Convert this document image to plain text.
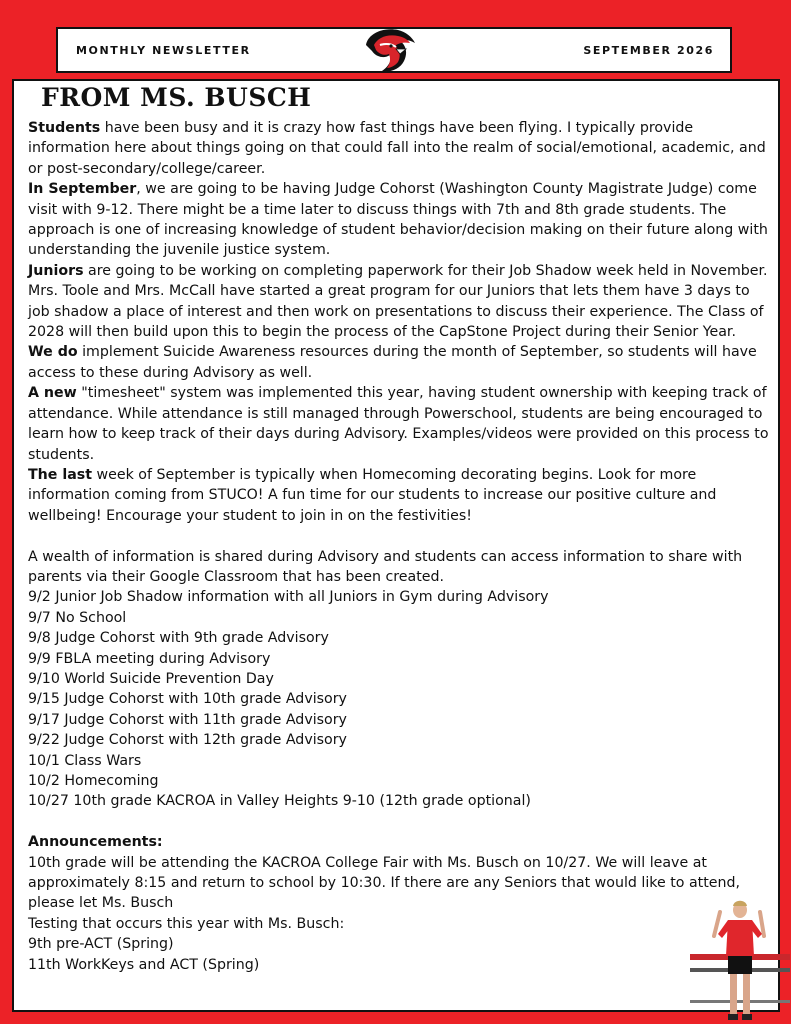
MONTHLY NEWSLETTER	SEPTEMBER 2026
FROM MS. BUSCH

Students have been busy and it is crazy how fast things have been flying. I typically provide information here about things going on that could fall into the realm of social/emotional, academic, and or post-secondary/college/career.

In September, we are going to be having Judge Cohorst (Washington County Magistrate Judge) come visit with 9-12. There might be a time later to discuss things with 7th and 8th grade students. The approach is one of increasing knowledge of student behavior/decision making on their future along with understanding the juvenile justice system.

Juniors are going to be working on completing paperwork for their Job Shadow week held in November. Mrs. Toole and Mrs. McCall have started a great program for our Juniors that lets them have 3 days to job shadow a place of interest and then work on presentations to discuss their experience. The Class of 2028 will then build upon this to begin the process of the CapStone Project during their Senior Year.

We do implement Suicide Awareness resources during the month of September, so students will have access to these during Advisory as well.

A new "timesheet" system was implemented this year, having student ownership with keeping track of attendance. While attendance is still managed through Powerschool, students are being encouraged to learn how to keep track of their days during Advisory. Examples/videos were provided on this process to students.

The last week of September is typically when Homecoming decorating begins. Look for more information coming from STUCO! A fun time for our students to increase our positive culture and wellbeing! Encourage your student to join in on the festivities!

A wealth of information is shared during Advisory and students can access information to share with parents via their Google Classroom that has been created.

9/2 Junior Job Shadow information with all Juniors in Gym during Advisory

9/7 No School

9/8 Judge Cohorst with 9th grade Advisory

9/9 FBLA meeting during Advisory

9/10 World Suicide Prevention Day

9/15 Judge Cohorst with 10th grade Advisory

9/17 Judge Cohorst with 11th grade Advisory

9/22 Judge Cohorst with 12th grade Advisory

10/1 Class Wars

10/2 Homecoming

10/27 10th grade KACROA in Valley Heights 9-10 (12th grade optional)

Announcements:

10th grade will be attending the KACROA College Fair with Ms. Busch on 10/27. We will leave at approximately 8:15 and return to school by 10:30. If there are any Seniors that would like to attend, please let Ms. Busch

Testing that occurs this year with Ms. Busch:

9th pre-ACT (Spring)

11th WorkKeys and ACT (Spring)
